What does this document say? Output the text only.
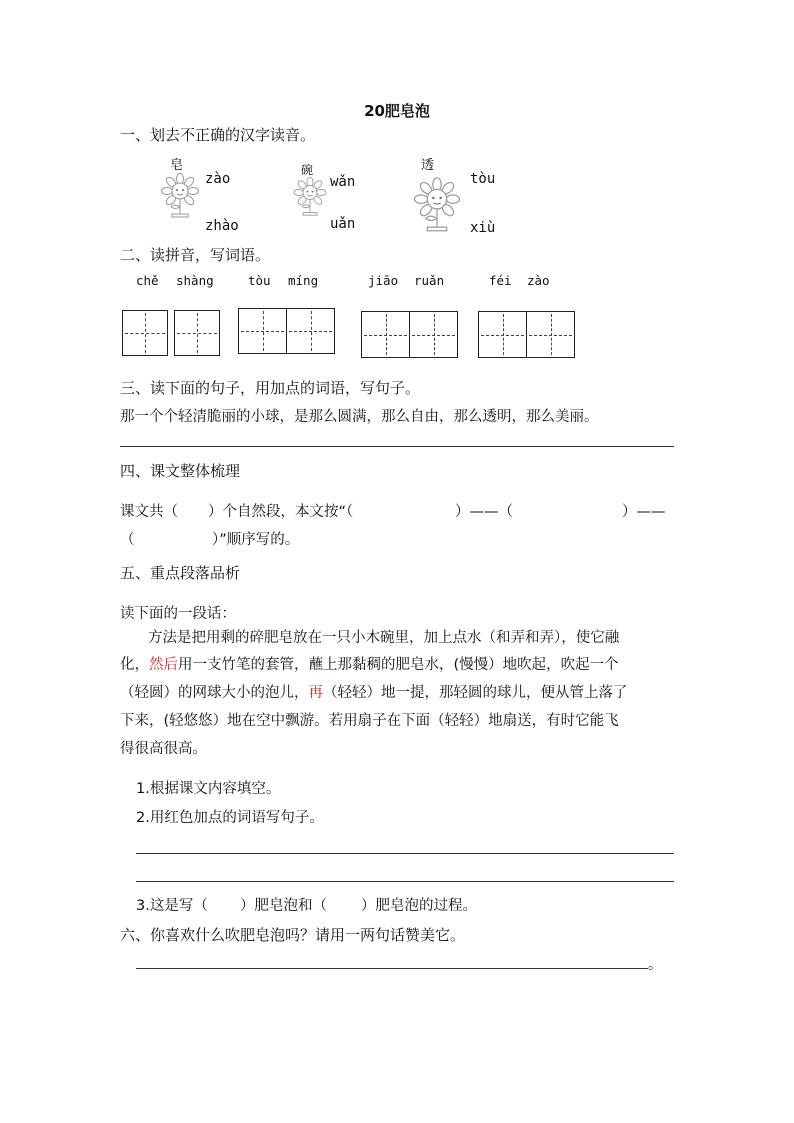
20肥皂泡
一、划去不正确的汉字读音。
皂
zào
zhào
碗
wǎn
uǎn
透
tòu
xiù
二、读拼音，写词语。
chě shàng	tòu míng	jiāo ruǎn	féi zào
三、读下面的句子，用加点的词语，写句子。
那一个个轻清脆丽的小球，是那么圆满，那么自由，那么透明，那么美丽。
四、课文整体梳理
课文共（ ）个自然段，本文按“（	）——（	）——
（	）”顺序写的。
五、重点段落品析
读下面的一段话：
方法是把用剩的碎肥皂放在一只小木碗里，加上点水（和弄和弄），使它融
化，然后用一支竹笔的套管，蘸上那黏稠的肥皂水，(慢慢）地吹起，吹起一个
（轻圆）的网球大小的泡儿，再（轻轻）地一提，那轻圆的球儿，便从管上落了
下来，(轻悠悠）地在空中飘游。若用扇子在下面（轻轻）地扇送，有时它能飞
得很高很高。
1.根据课文内容填空。
2.用红色加点的词语写句子。
3.这是写（ ）肥皂泡和（ ）肥皂泡的过程。
六、你喜欢什么吹肥皂泡吗？请用一两句话赞美它。
。
